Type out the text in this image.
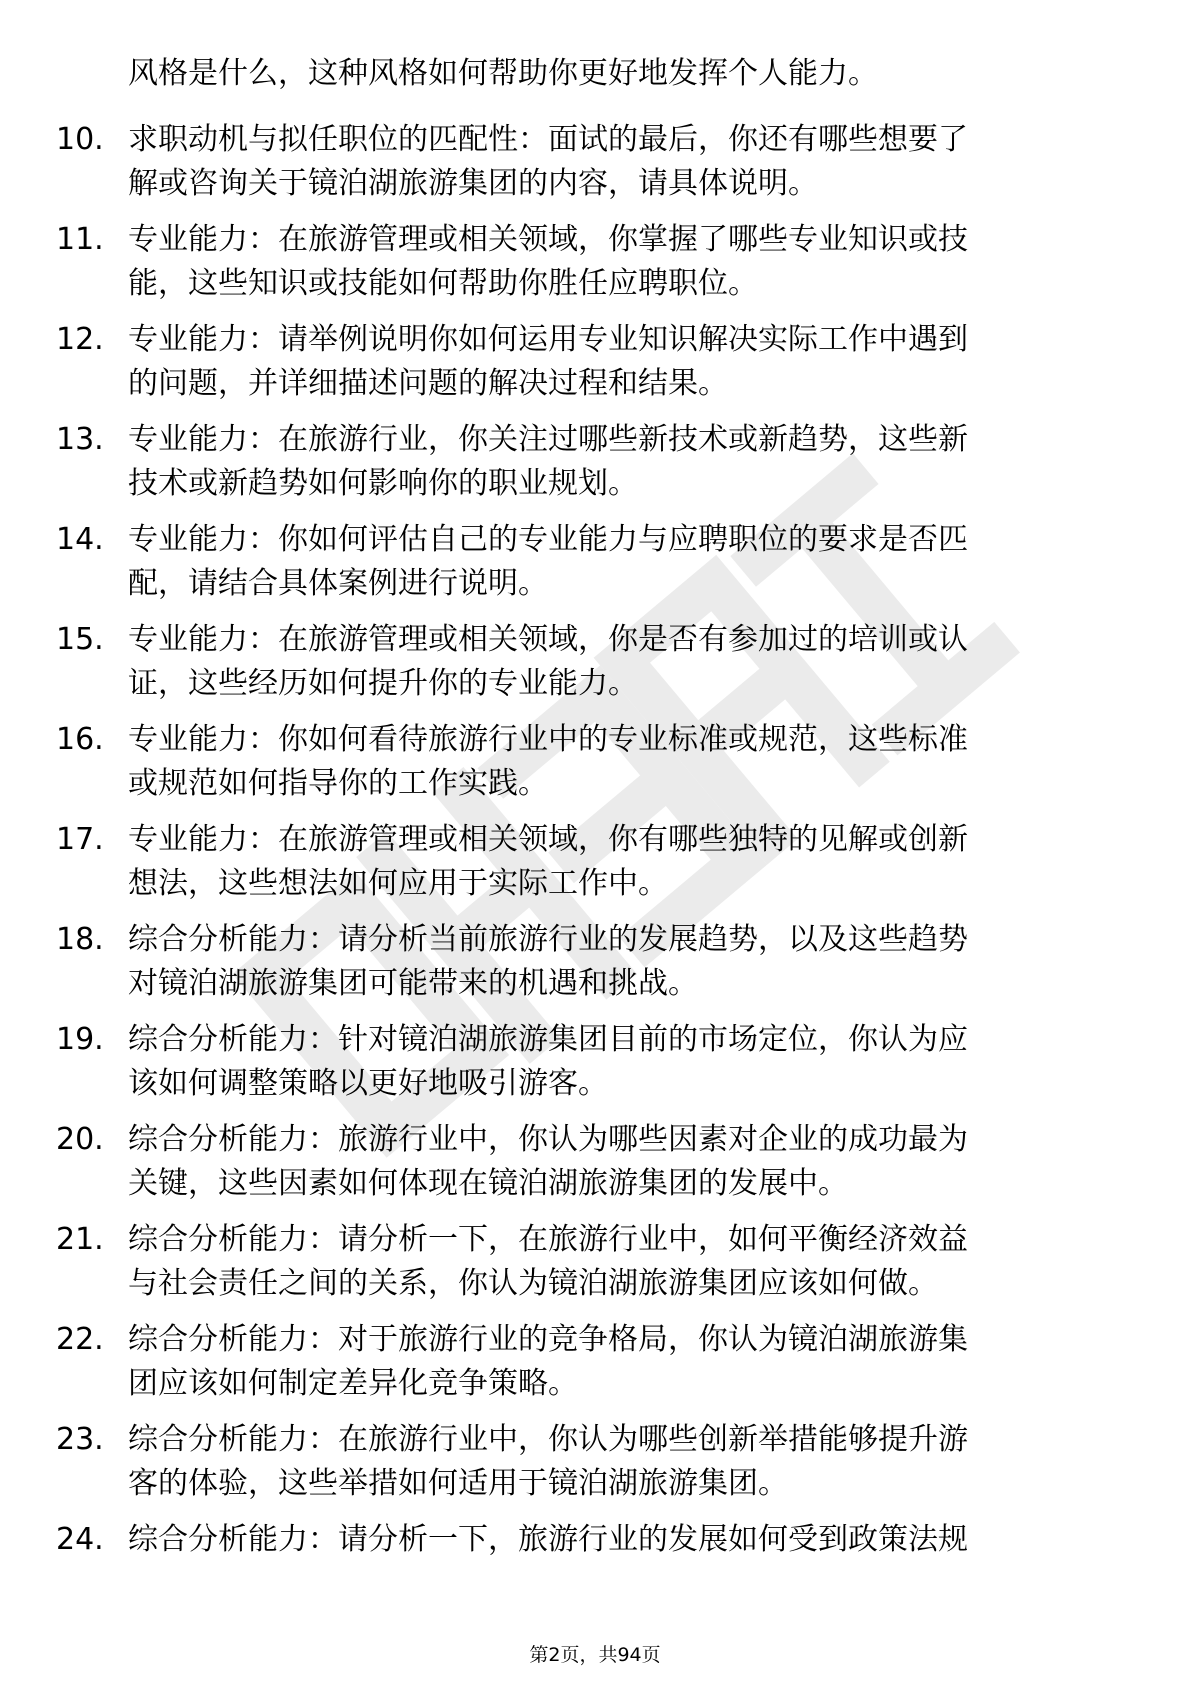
风格是什么，这种风格如何帮助你更好地发挥个人能力。
10. 求职动机与拟任职位的匹配性：面试的最后，你还有哪些想要了
解或咨询关于镜泊湖旅游集团的内容，请具体说明。
11. 专业能力：在旅游管理或相关领域，你掌握了哪些专业知识或技
能，这些知识或技能如何帮助你胜任应聘职位。
12. 专业能力：请举例说明你如何运用专业知识解决实际工作中遇到
的问题，并详细描述问题的解决过程和结果。
13. 专业能力：在旅游行业，你关注过哪些新技术或新趋势，这些新
技术或新趋势如何影响你的职业规划。
14. 专业能力：你如何评估自己的专业能力与应聘职位的要求是否匹
配，请结合具体案例进行说明。
15. 专业能力：在旅游管理或相关领域，你是否有参加过的培训或认
证，这些经历如何提升你的专业能力。
16. 专业能力：你如何看待旅游行业中的专业标准或规范，这些标准
或规范如何指导你的工作实践。
17. 专业能力：在旅游管理或相关领域，你有哪些独特的见解或创新
想法，这些想法如何应用于实际工作中。
18. 综合分析能力：请分析当前旅游行业的发展趋势，以及这些趋势
对镜泊湖旅游集团可能带来的机遇和挑战。
19. 综合分析能力：针对镜泊湖旅游集团目前的市场定位，你认为应
该如何调整策略以更好地吸引游客。
20. 综合分析能力：旅游行业中，你认为哪些因素对企业的成功最为
关键，这些因素如何体现在镜泊湖旅游集团的发展中。
21. 综合分析能力：请分析一下，在旅游行业中，如何平衡经济效益
与社会责任之间的关系，你认为镜泊湖旅游集团应该如何做。
22. 综合分析能力：对于旅游行业的竞争格局，你认为镜泊湖旅游集
团应该如何制定差异化竞争策略。
23. 综合分析能力：在旅游行业中，你认为哪些创新举措能够提升游
客的体验，这些举措如何适用于镜泊湖旅游集团。
24. 综合分析能力：请分析一下，旅游行业的发展如何受到政策法规
第2页，共94页
